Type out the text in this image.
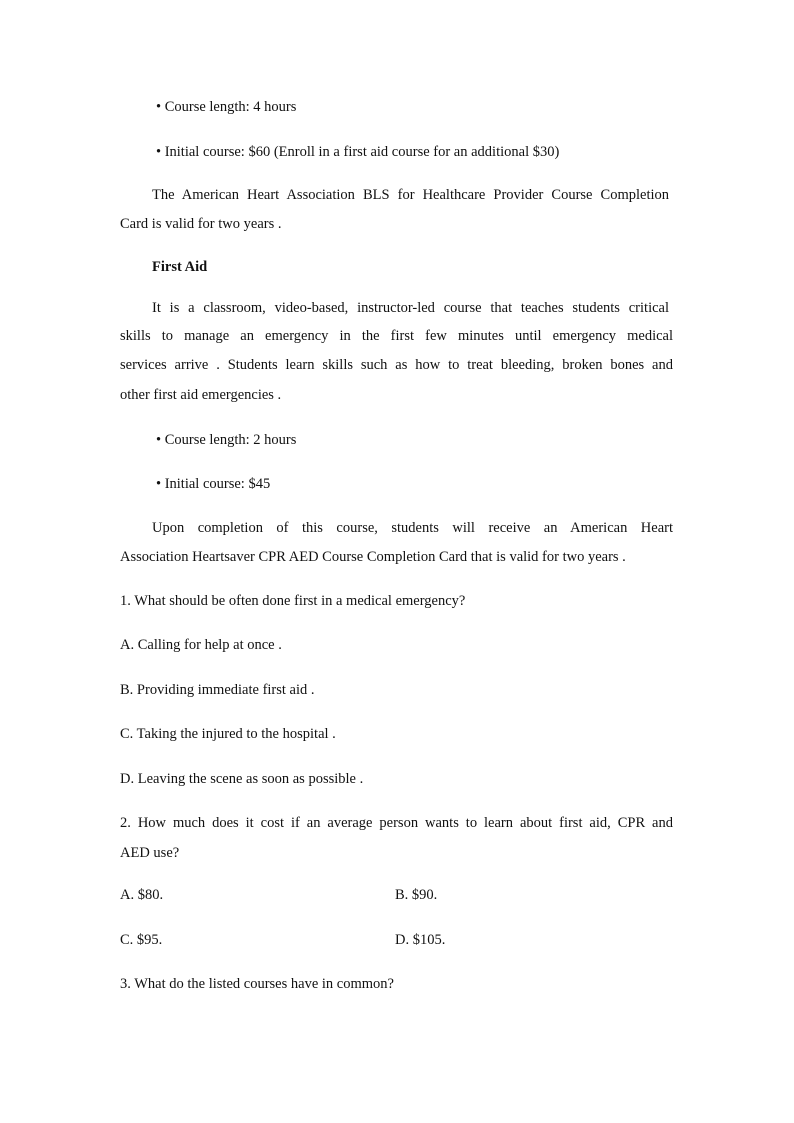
• Course length: 4 hours
• Initial course: $60 (Enroll in a first aid course for an additional $30)
The American Heart Association BLS for Healthcare Provider Course Completion
Card is valid for two years .
First Aid
It is a classroom, video-based, instructor-led course that teaches students critical
skills to manage an emergency in the first few minutes until emergency medical
services arrive . Students learn skills such as how to treat bleeding, broken bones and
other first aid emergencies .
• Course length: 2 hours
• Initial course: $45
Upon completion of this course, students will receive an American Heart
Association Heartsaver CPR AED Course Completion Card that is valid for two years .
1. What should be often done first in a medical emergency?
A. Calling for help at once .
B. Providing immediate first aid .
C. Taking the injured to the hospital .
D. Leaving the scene as soon as possible .
2. How much does it cost if an average person wants to learn about first aid, CPR and
AED use?
A. $80.	B. $90.
C. $95.	D. $105.
3. What do the listed courses have in common?
